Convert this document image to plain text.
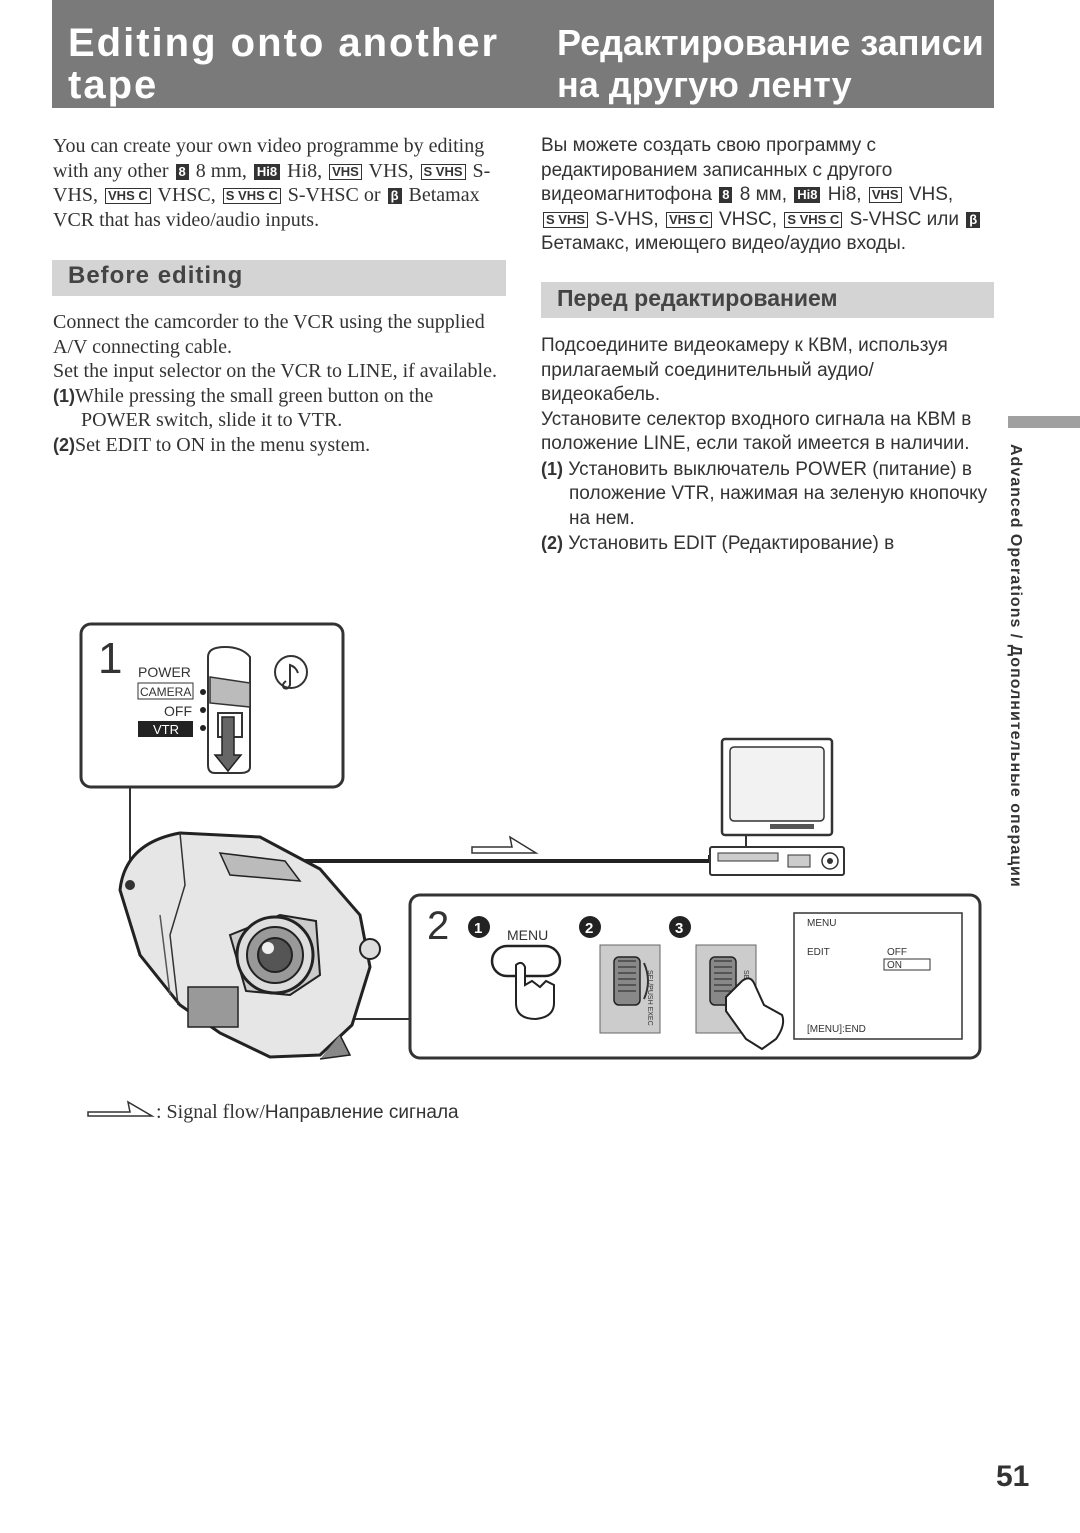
Editing onto another tape
Редактирование записи на другую ленту
You can create your own video programme by editing with any other 8 8 mm, Hi8 Hi8, VHS VHS, S VHS S-VHS, VHS C VHSC, S VHS C S-VHSC or β Betamax VCR that has video/audio inputs.
Вы можете создать свою программу с редактированием записанных с другого видеомагнитофона 8 8 мм, Hi8 Hi8, VHS VHS, S VHS S-VHS, VHS C VHSC, S VHS C S-VHSC или β Бетамакс, имеющего видео/аудио входы.
Before editing
Перед редактированием

Connect the camcorder to the VCR using the supplied A/V connecting cable.

Set the input selector on the VCR to LINE, if available.

(1)While pressing the small green button on the POWER switch, slide it to VTR.

(2)Set EDIT to ON in the menu system.

Подсоедините видеокамеру к КВМ, используя прилагаемый соединительный аудио/ видеокабель.

Установите селектор входного сигнала на КВМ в положение LINE, если такой имеется в наличии.

(1) Установить выключатель POWER (питание) в положение VTR, нажимая на зеленую кнопочку на нем.

(2) Установить EDIT (Редактирование) в	Advanced Operations / Дополнительные операции
1 POWER
CAMERA
OFF
VTR
2 1	2	3
MENU
SEL/PUSH EXEC
MENU
EDIT	OFF
ON
[MENU]:END
: Signal flow/Направление сигнала
51
